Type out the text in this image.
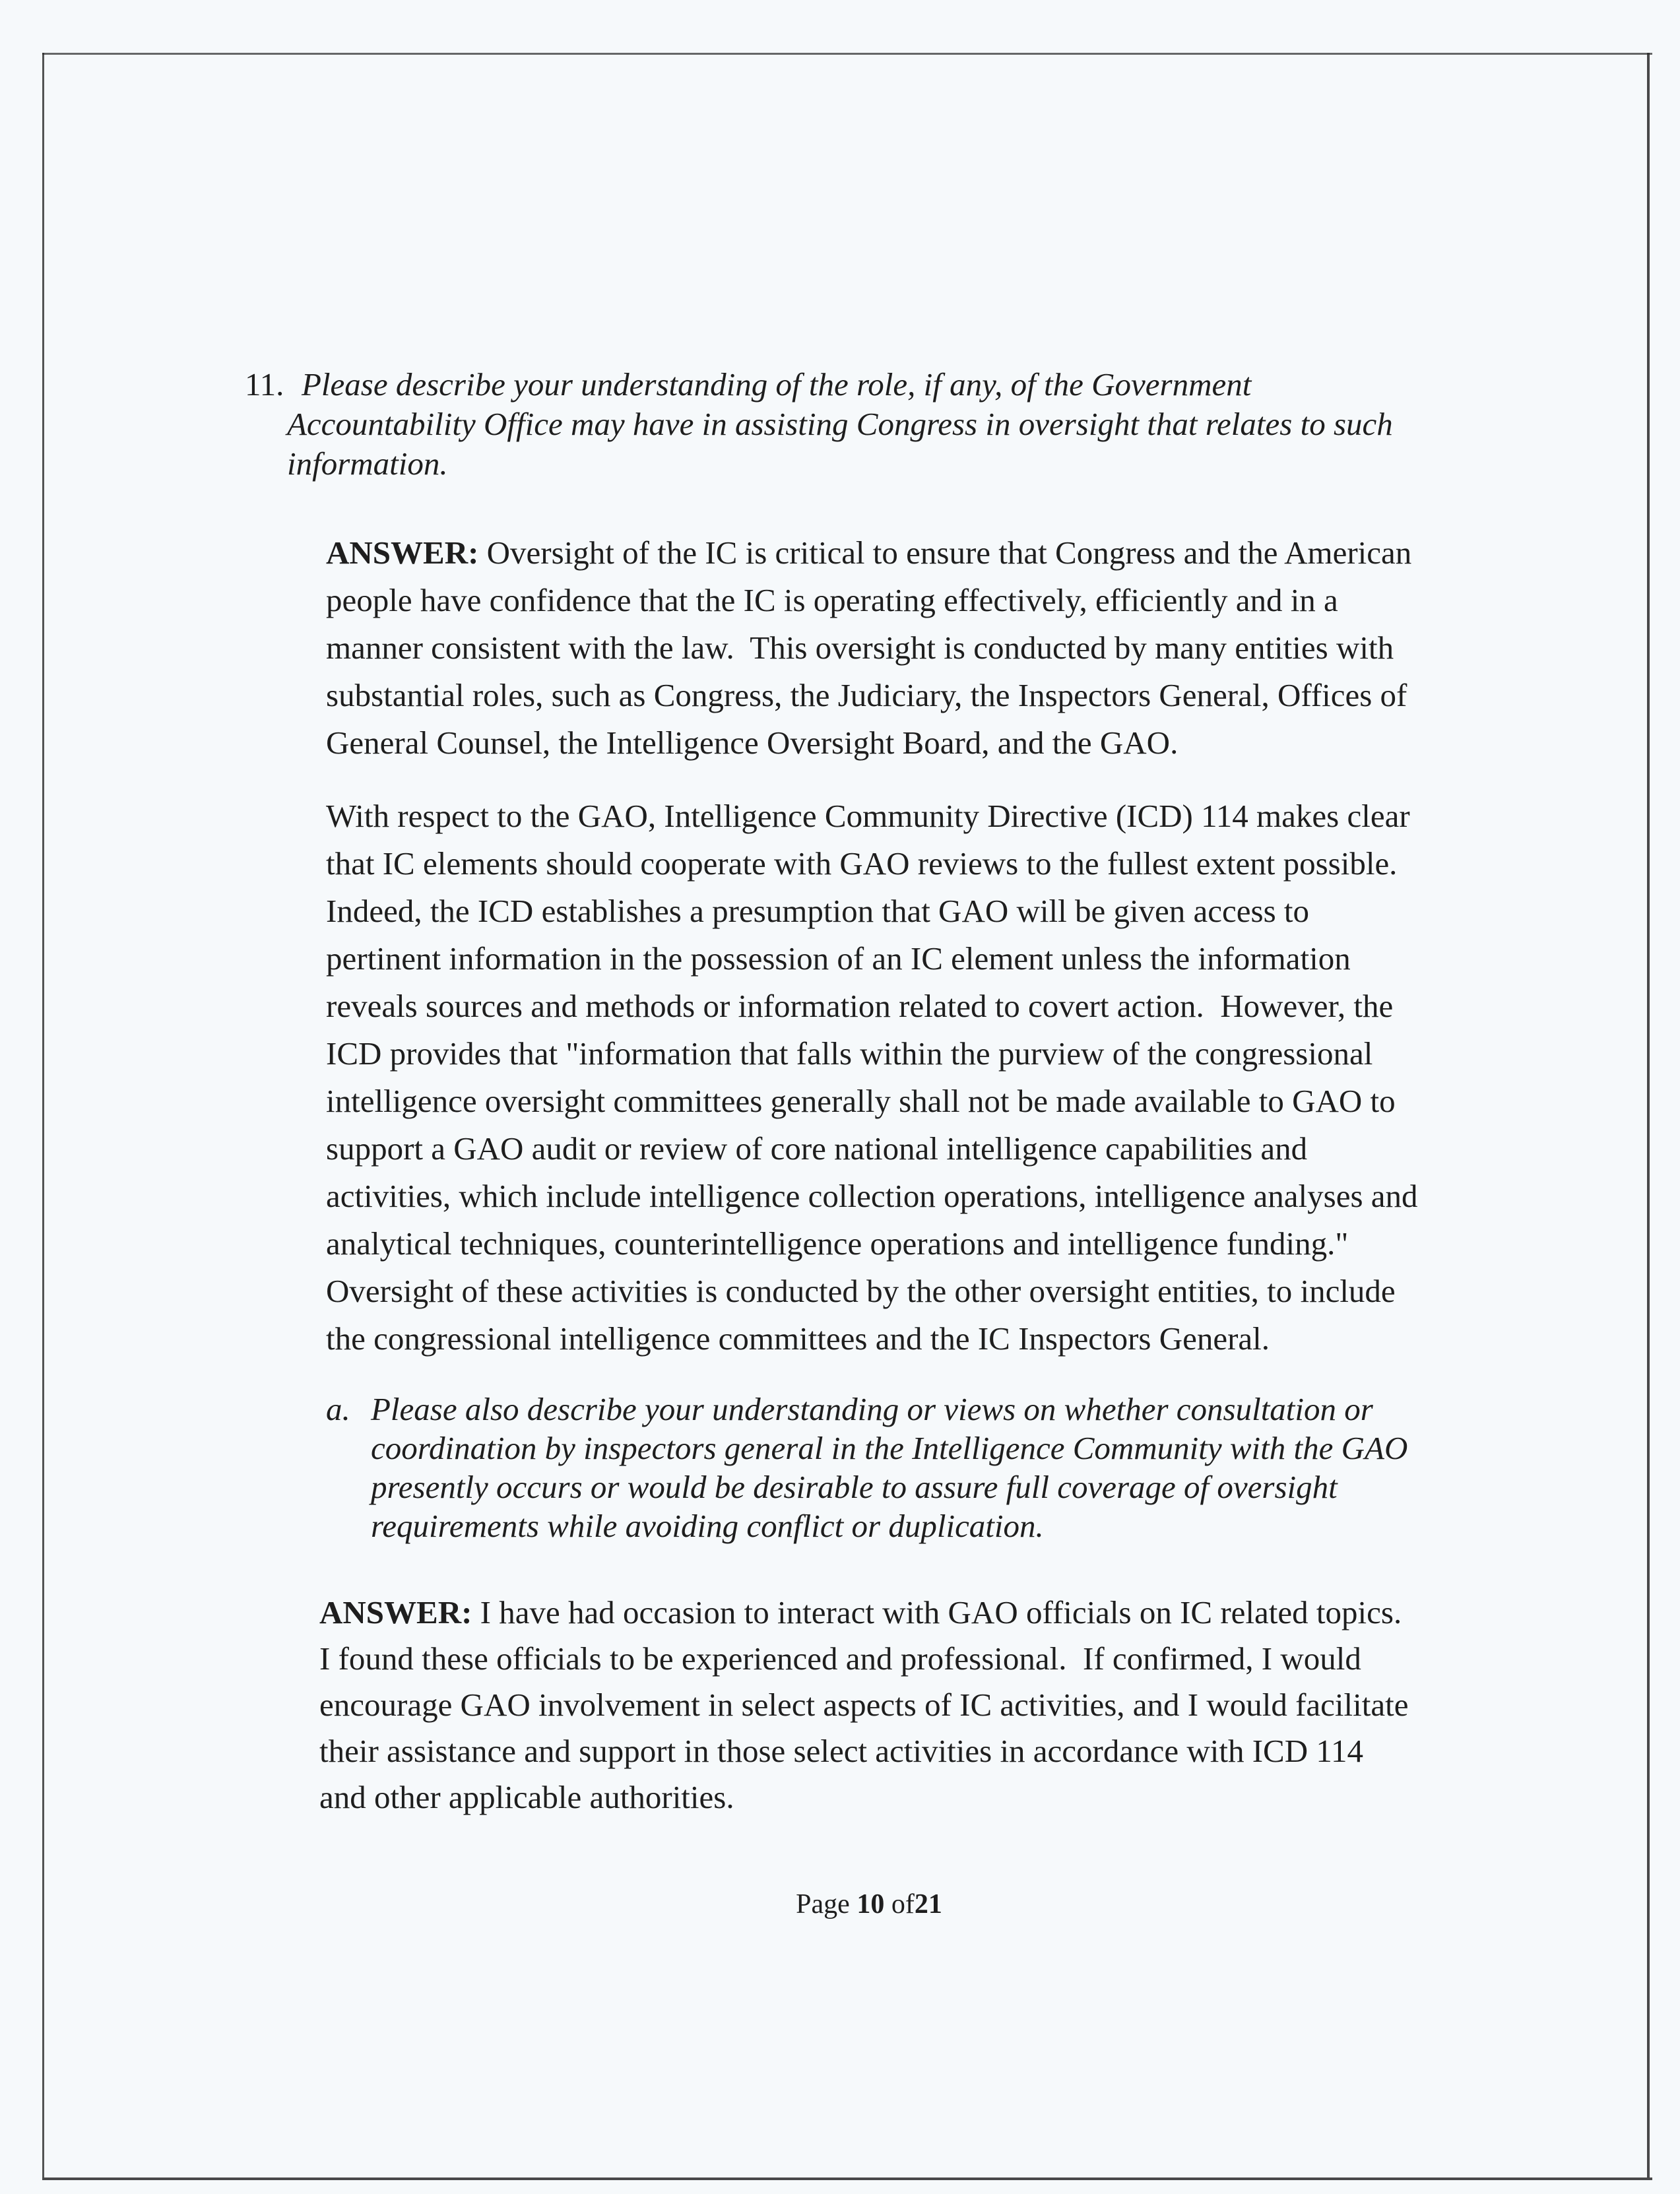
11. Please describe your understanding of the role, if any, of the Government
Accountability Office may have in assisting Congress in oversight that relates to such
information.
ANSWER: Oversight of the IC is critical to ensure that Congress and the American
people have confidence that the IC is operating effectively, efficiently and in a
manner consistent with the law.  This oversight is conducted by many entities with
substantial roles, such as Congress, the Judiciary, the Inspectors General, Offices of
General Counsel, the Intelligence Oversight Board, and the GAO.
With respect to the GAO, Intelligence Community Directive (ICD) 114 makes clear
that IC elements should cooperate with GAO reviews to the fullest extent possible.
Indeed, the ICD establishes a presumption that GAO will be given access to
pertinent information in the possession of an IC element unless the information
reveals sources and methods or information related to covert action.  However, the
ICD provides that "information that falls within the purview of the congressional
intelligence oversight committees generally shall not be made available to GAO to
support a GAO audit or review of core national intelligence capabilities and
activities, which include intelligence collection operations, intelligence analyses and
analytical techniques, counterintelligence operations and intelligence funding."
Oversight of these activities is conducted by the other oversight entities, to include
the congressional intelligence committees and the IC Inspectors General.
a. Please also describe your understanding or views on whether consultation or
coordination by inspectors general in the Intelligence Community with the GAO
presently occurs or would be desirable to assure full coverage of oversight
requirements while avoiding conflict or duplication.
ANSWER: I have had occasion to interact with GAO officials on IC related topics.
I found these officials to be experienced and professional.  If confirmed, I would
encourage GAO involvement in select aspects of IC activities, and I would facilitate
their assistance and support in those select activities in accordance with ICD 114
and other applicable authorities.
Page 10 of21
